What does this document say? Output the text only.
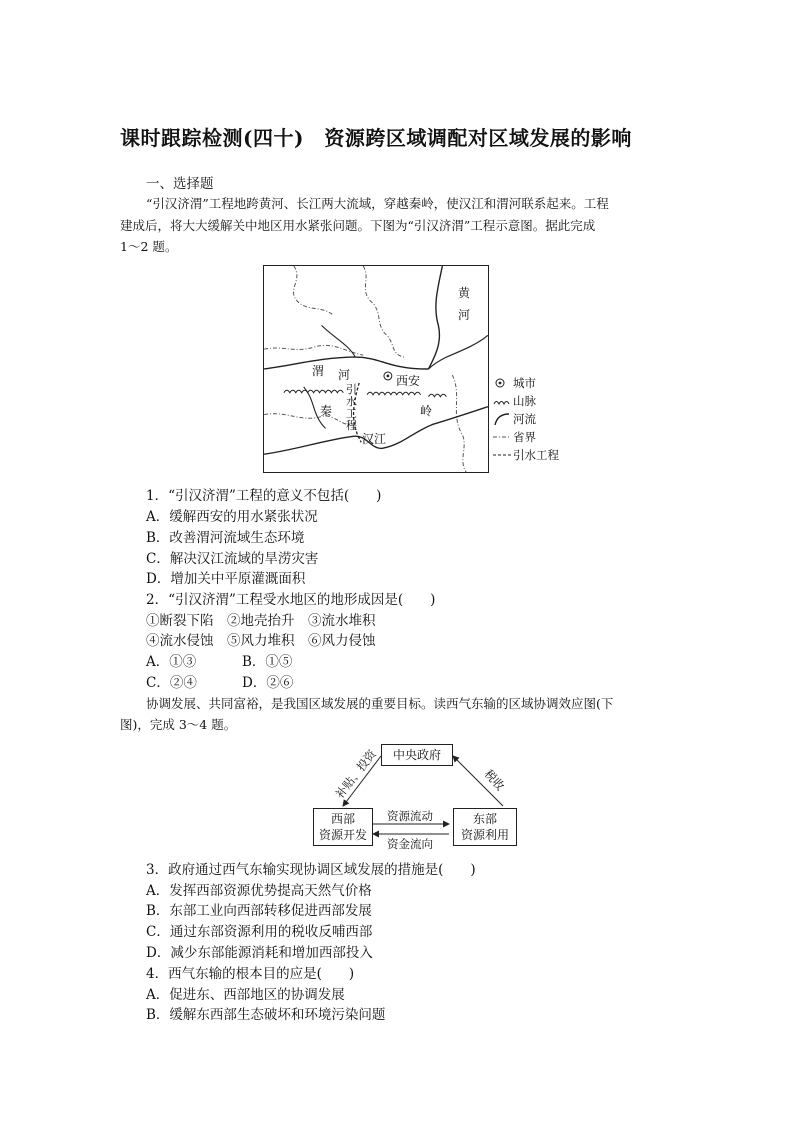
课时跟踪检测(四十)　资源跨区域调配对区域发展的影响
一、选择题
“引汉济渭”工程地跨黄河、长江两大流域，穿越秦岭，使汉江和渭河联系起来。工程
建成后，将大大缓解关中地区用水紧张问题。下图为“引汉济渭”工程示意图。据此完成
1～2 题。
黄
河
渭 河	西安
秦	岭
汉江
引水工程
城市
山脉
河流
省界
引水工程
1．“引汉济渭”工程的意义不包括(　　)
A．缓解西安的用水紧张状况
B．改善渭河流域生态环境
C．解决汉江流域的旱涝灾害
D．增加关中平原灌溉面积
2．“引汉济渭”工程受水地区的地形成因是(　　)
①断裂下陷　②地壳抬升　③流水堆积
④流水侵蚀　⑤风力堆积　⑥风力侵蚀
A．①③	B．①⑤
C．②④	D．②⑥
协调发展、共同富裕，是我国区域发展的重要目标。读西气东输的区域协调效应图(下
图)，完成 3～4 题。
中央政府
西部
资源开发
东部
资源利用
补贴、投资	税收
资源流动
资金流向
3．政府通过西气东输实现协调区域发展的措施是(　　)
A．发挥西部资源优势提高天然气价格
B．东部工业向西部转移促进西部发展
C．通过东部资源利用的税收反哺西部
D．减少东部能源消耗和增加西部投入
4．西气东输的根本目的应是(　　)
A．促进东、西部地区的协调发展
B．缓解东西部生态破坏和环境污染问题
